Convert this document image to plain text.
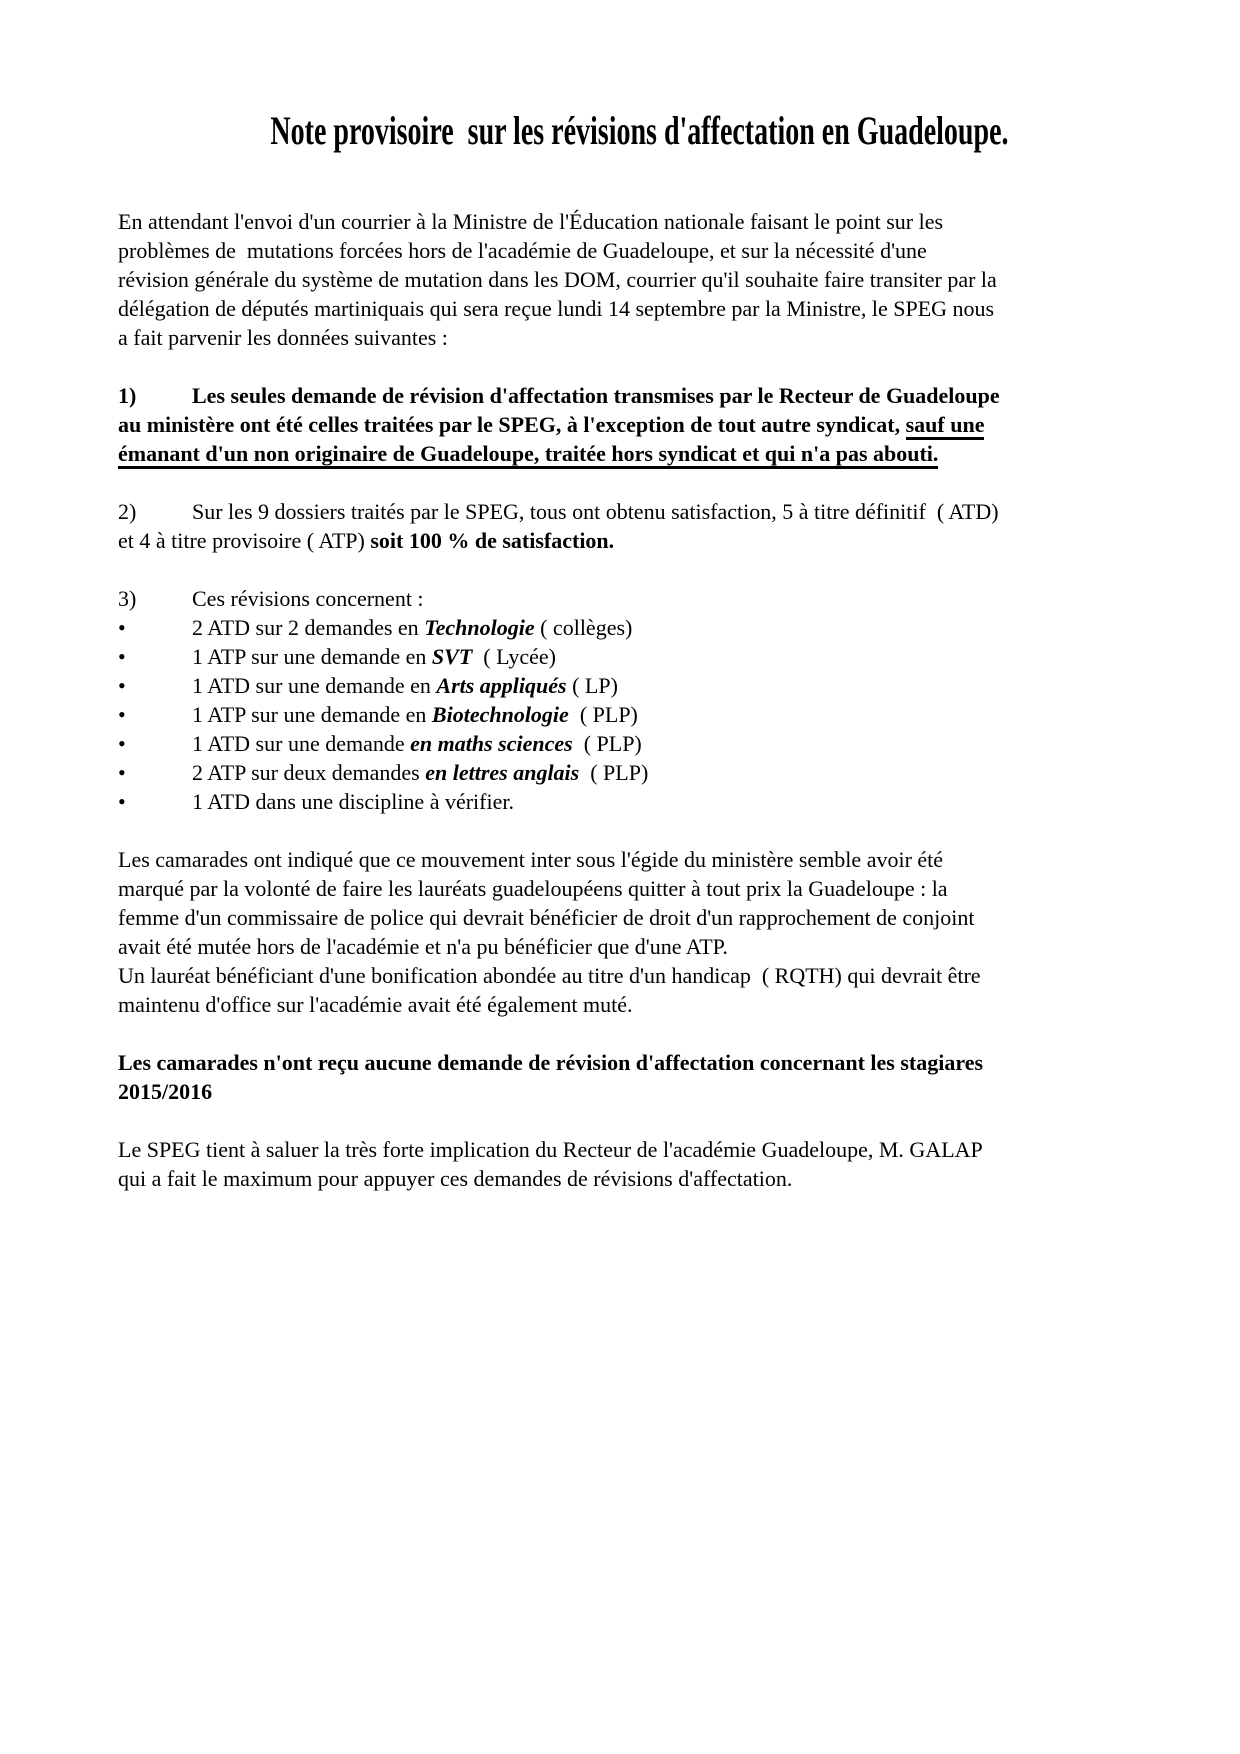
Note provisoire  sur les révisions d'affectation en Guadeloupe.
En attendant l'envoi d'un courrier à la Ministre de l'Éducation nationale faisant le point sur les
problèmes de  mutations forcées hors de l'académie de Guadeloupe, et sur la nécessité d'une
révision générale du système de mutation dans les DOM, courrier qu'il souhaite faire transiter par la
délégation de députés martiniquais qui sera reçue lundi 14 septembre par la Ministre, le SPEG nous
a fait parvenir les données suivantes :
1)	Les seules demande de révision d'affectation transmises par le Recteur de Guadeloupe
au ministère ont été celles traitées par le SPEG, à l'exception de tout autre syndicat, sauf une
émanant d'un non originaire de Guadeloupe, traitée hors syndicat et qui n'a pas abouti.
2)	Sur les 9 dossiers traités par le SPEG, tous ont obtenu satisfaction, 5 à titre définitif  ( ATD)
et 4 à titre provisoire ( ATP) soit 100 % de satisfaction.
3)	Ces révisions concernent :
•	2 ATD sur 2 demandes en Technologie ( collèges)
•	1 ATP sur une demande en SVT  ( Lycée)
•	1 ATD sur une demande en Arts appliqués ( LP)
•	1 ATP sur une demande en Biotechnologie  ( PLP)
•	1 ATD sur une demande en maths sciences  ( PLP)
•	2 ATP sur deux demandes en lettres anglais  ( PLP)
•	1 ATD dans une discipline à vérifier.
Les camarades ont indiqué que ce mouvement inter sous l'égide du ministère semble avoir été
marqué par la volonté de faire les lauréats guadeloupéens quitter à tout prix la Guadeloupe : la
femme d'un commissaire de police qui devrait bénéficier de droit d'un rapprochement de conjoint
avait été mutée hors de l'académie et n'a pu bénéficier que d'une ATP.
Un lauréat bénéficiant d'une bonification abondée au titre d'un handicap  ( RQTH) qui devrait être
maintenu d'office sur l'académie avait été également muté.
Les camarades n'ont reçu aucune demande de révision d'affectation concernant les stagiares
2015/2016
Le SPEG tient à saluer la très forte implication du Recteur de l'académie Guadeloupe, M. GALAP
qui a fait le maximum pour appuyer ces demandes de révisions d'affectation.
